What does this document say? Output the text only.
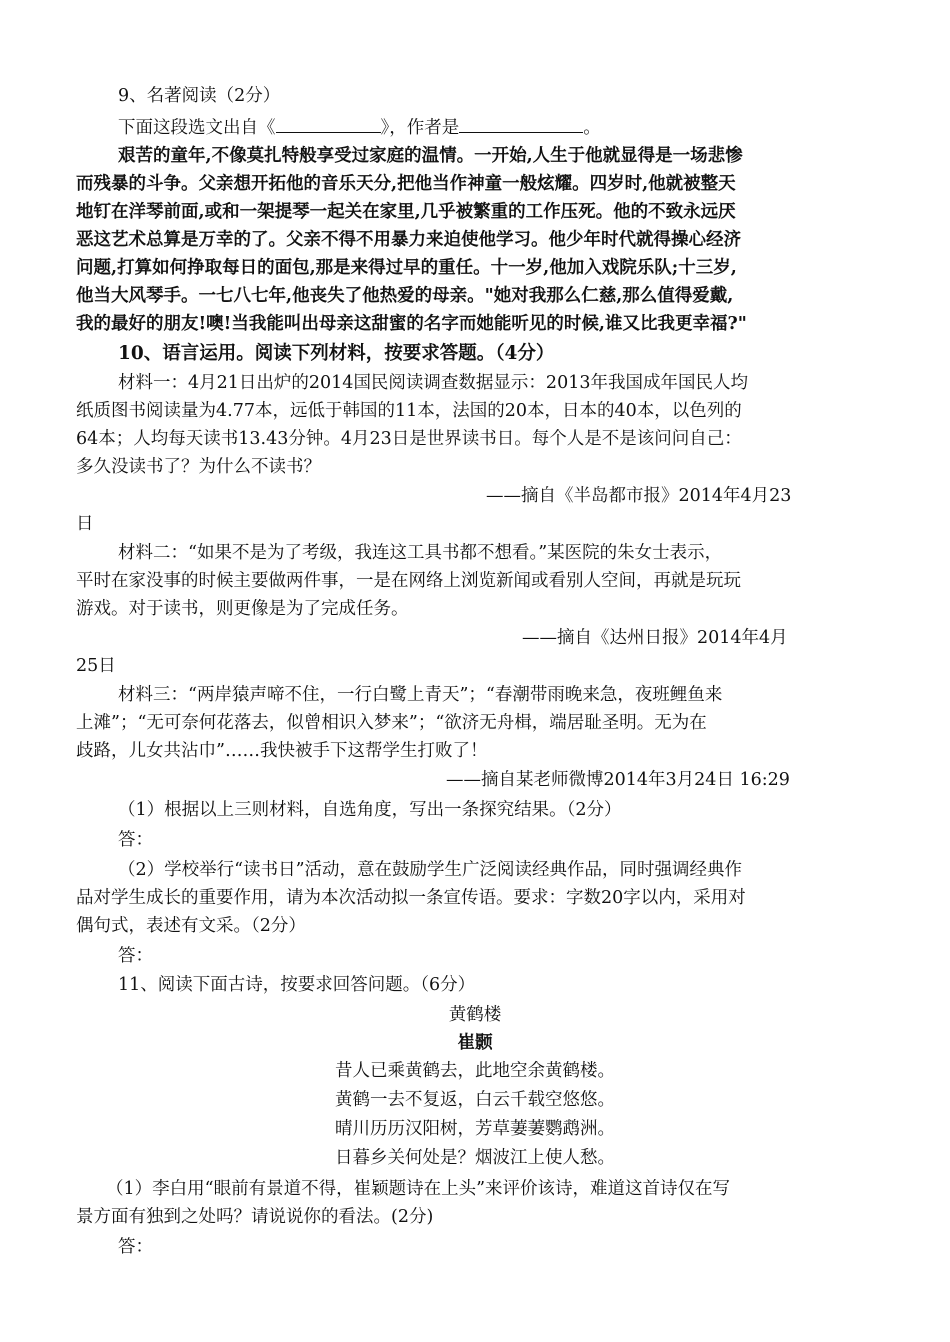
9、名著阅读（2分）
下面这段选文出自《	》，作者是	。
艰苦的童年,不像莫扎特般享受过家庭的温情。一开始,人生于他就显得是一场悲惨
而残暴的斗争。父亲想开拓他的音乐天分,把他当作神童一般炫耀。四岁时,他就被整天
地钉在洋琴前面,或和一架提琴一起关在家里,几乎被繁重的工作压死。他的不致永远厌
恶这艺术总算是万幸的了。父亲不得不用暴力来迫使他学习。他少年时代就得操心经济
问题,打算如何挣取每日的面包,那是来得过早的重任。十一岁,他加入戏院乐队;十三岁,
他当大风琴手。一七八七年,他丧失了他热爱的母亲。"她对我那么仁慈,那么值得爱戴,
我的最好的朋友!噢!当我能叫出母亲这甜蜜的名字而她能听见的时候,谁又比我更幸福?"
10、语言运用。阅读下列材料，按要求答题。（4分）
材料一：4月21日出炉的2014国民阅读调查数据显示：2013年我国成年国民人均
纸质图书阅读量为4.77本，远低于韩国的11本，法国的20本，日本的40本，以色列的
64本；人均每天读书13.43分钟。4月23日是世界读书日。每个人是不是该问问自己：
多久没读书了？为什么不读书？
——摘自《半岛都市报》2014年4月23
日
材料二：“如果不是为了考级，我连这工具书都不想看。”某医院的朱女士表示，
平时在家没事的时候主要做两件事，一是在网络上浏览新闻或看别人空间，再就是玩玩
游戏。对于读书，则更像是为了完成任务。
——摘自《达州日报》2014年4月
25日
材料三：“两岸猿声啼不住，一行白鹭上青天”；“春潮带雨晚来急，夜班鲤鱼来
上滩”；“无可奈何花落去，似曾相识入梦来”；“欲济无舟楫，端居耻圣明。无为在
歧路，儿女共沾巾”……我快被手下这帮学生打败了！
——摘自某老师微博2014年3月24日 16:29
（1）根据以上三则材料，自选角度，写出一条探究结果。（2分）
答：
（2）学校举行“读书日”活动，意在鼓励学生广泛阅读经典作品，同时强调经典作
品对学生成长的重要作用，请为本次活动拟一条宣传语。要求：字数20字以内，采用对
偶句式，表述有文采。（2分）
答：
11、阅读下面古诗，按要求回答问题。（6分）
黄鹤楼
崔颢
昔人已乘黄鹤去，此地空余黄鹤楼。
黄鹤一去不复返，白云千载空悠悠。
晴川历历汉阳树，芳草萋萋鹦鹉洲。
日暮乡关何处是？烟波江上使人愁。
（1）李白用“眼前有景道不得，崔颖题诗在上头”来评价该诗，难道这首诗仅在写
景方面有独到之处吗？请说说你的看法。(2分)
答：
